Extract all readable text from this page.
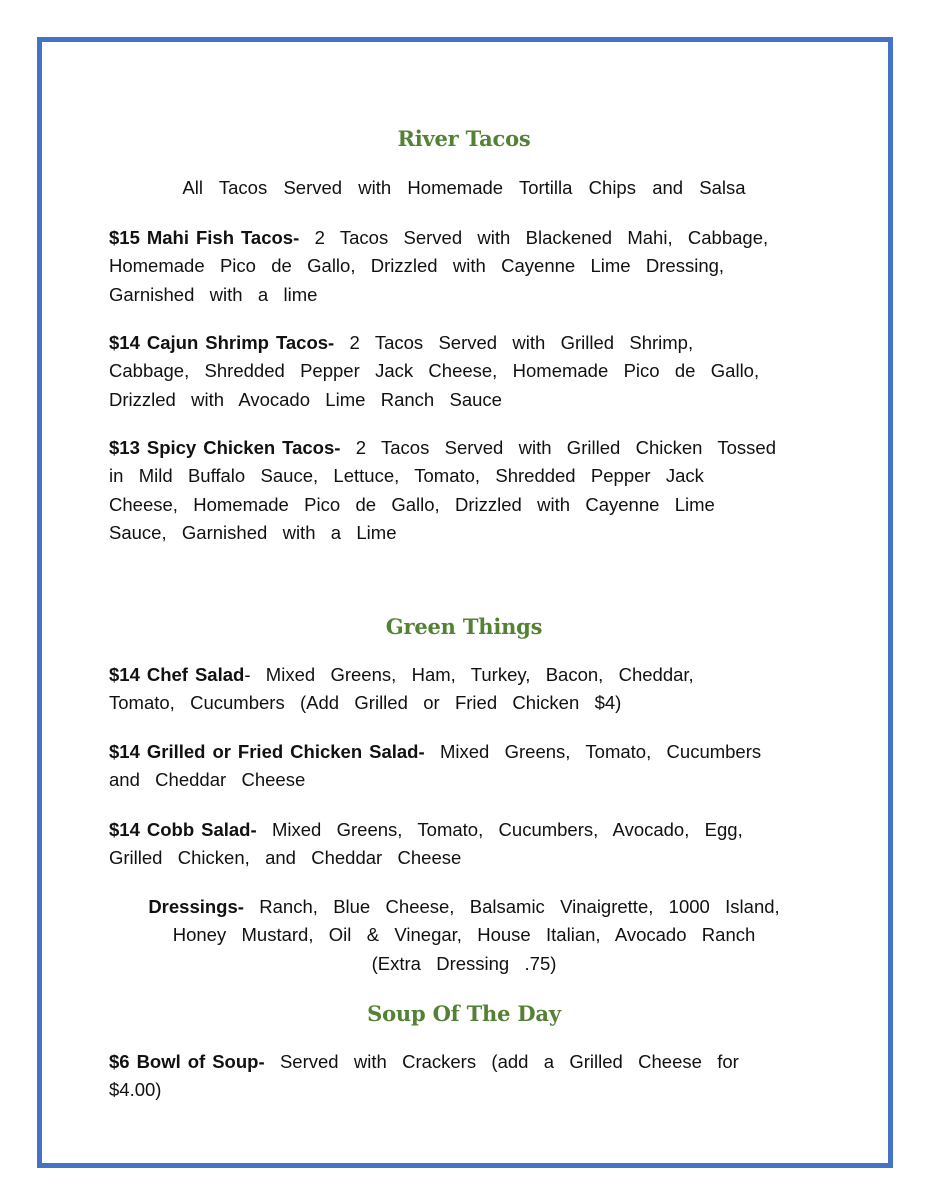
River Tacos

All Tacos Served with Homemade Tortilla Chips and Salsa

$15 Mahi Fish Tacos- 2 Tacos Served with Blackened Mahi, Cabbage,
Homemade Pico de Gallo, Drizzled with Cayenne Lime Dressing,
Garnished with a lime

$14 Cajun Shrimp Tacos- 2 Tacos Served with Grilled Shrimp,
Cabbage, Shredded Pepper Jack Cheese, Homemade Pico de Gallo,
Drizzled with Avocado Lime Ranch Sauce

$13 Spicy Chicken Tacos- 2 Tacos Served with Grilled Chicken Tossed
in Mild Buffalo Sauce, Lettuce, Tomato, Shredded Pepper Jack
Cheese, Homemade Pico de Gallo, Drizzled with Cayenne Lime
Sauce, Garnished with a Lime

Green Things

$14 Chef Salad- Mixed Greens, Ham, Turkey, Bacon, Cheddar,
Tomato, Cucumbers (Add Grilled or Fried Chicken $4)

$14 Grilled or Fried Chicken Salad- Mixed Greens, Tomato, Cucumbers
and Cheddar Cheese

$14 Cobb Salad- Mixed Greens, Tomato, Cucumbers, Avocado, Egg,
Grilled Chicken, and Cheddar Cheese

Dressings- Ranch, Blue Cheese, Balsamic Vinaigrette, 1000 Island,
Honey Mustard, Oil & Vinegar, House Italian, Avocado Ranch
(Extra Dressing .75)

Soup Of The Day

$6 Bowl of Soup- Served with Crackers (add a Grilled Cheese for
$4.00)
